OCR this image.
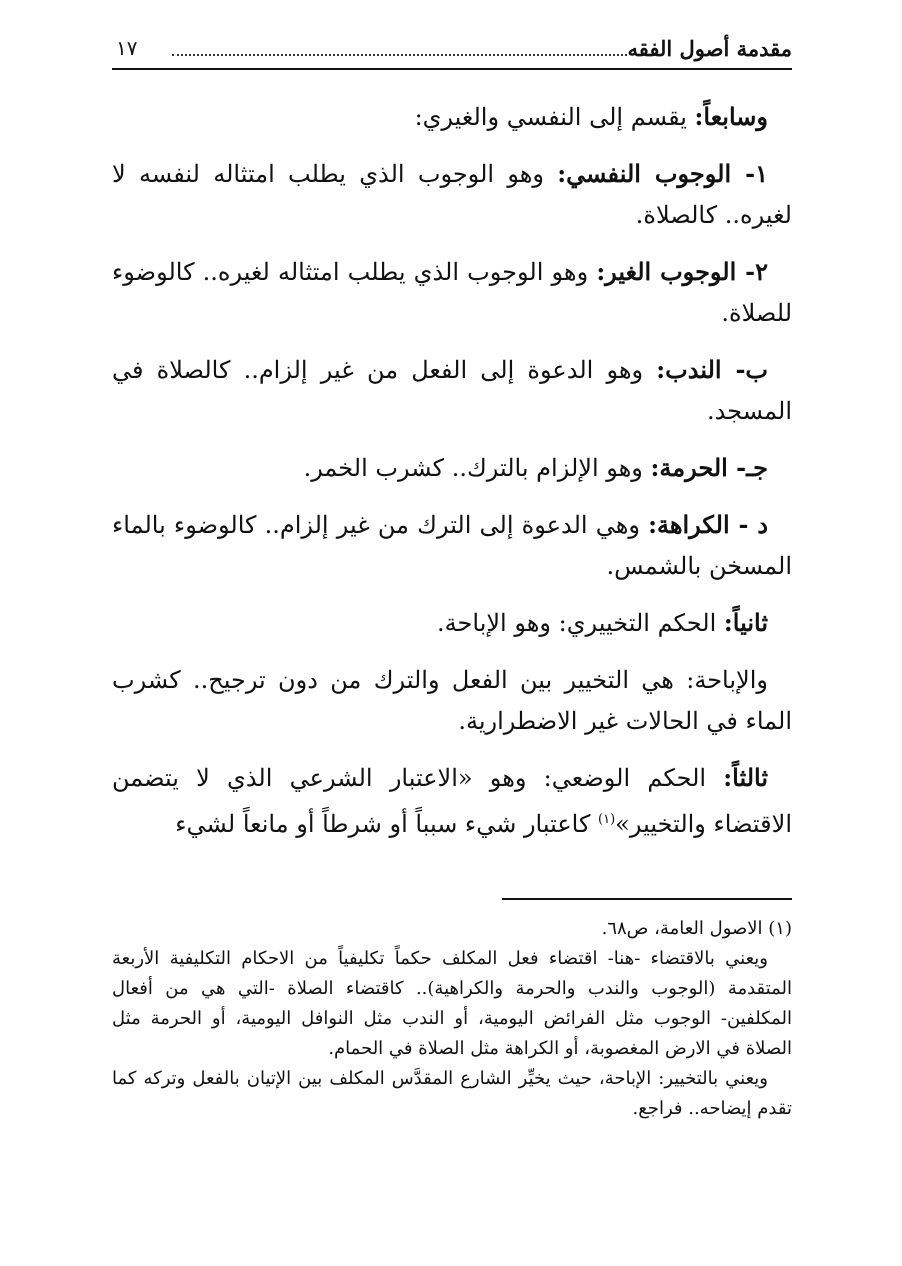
مقدمة أصول الفقه
١٧

وسابعاً: يقسم إلى النفسي والغيري:

١- الوجوب النفسي: وهو الوجوب الذي يطلب امتثاله لنفسه لا لغيره.. كالصلاة.

٢- الوجوب الغير: وهو الوجوب الذي يطلب امتثاله لغيره.. كالوضوء للصلاة.

ب- الندب: وهو الدعوة إلى الفعل من غير إلزام.. كالصلاة في المسجد.

جـ- الحرمة: وهو الإلزام بالترك.. كشرب الخمر.

د - الكراهة: وهي الدعوة إلى الترك من غير إلزام.. كالوضوء بالماء المسخن بالشمس.

ثانياً: الحكم التخييري: وهو الإباحة.

والإباحة: هي التخيير بين الفعل والترك من دون ترجيح.. كشرب الماء في الحالات غير الاضطرارية.

ثالثاً: الحكم الوضعي: وهو «الاعتبار الشرعي الذي لا يتضمن الاقتضاء والتخيير»$^{(١)}$ كاعتبار شيء سبباً أو شرطاً أو مانعاً لشيء

(١) الاصول العامة، ص٦٨.

ويعني بالاقتضاء -هنا- اقتضاء فعل المكلف حكماً تكليفياً من الاحكام التكليفية الأربعة المتقدمة (الوجوب والندب والحرمة والكراهية).. كاقتضاء الصلاة -التي هي من أفعال المكلفين- الوجوب مثل الفرائض اليومية، أو الندب مثل النوافل اليومية، أو الحرمة مثل الصلاة في الارض المغصوبة، أو الكراهة مثل الصلاة في الحمام.

ويعني بالتخيير: الإباحة، حيث يخيِّر الشارع المقدَّس المكلف بين الإتيان بالفعل وتركه كما تقدم إيضاحه.. فراجع.
